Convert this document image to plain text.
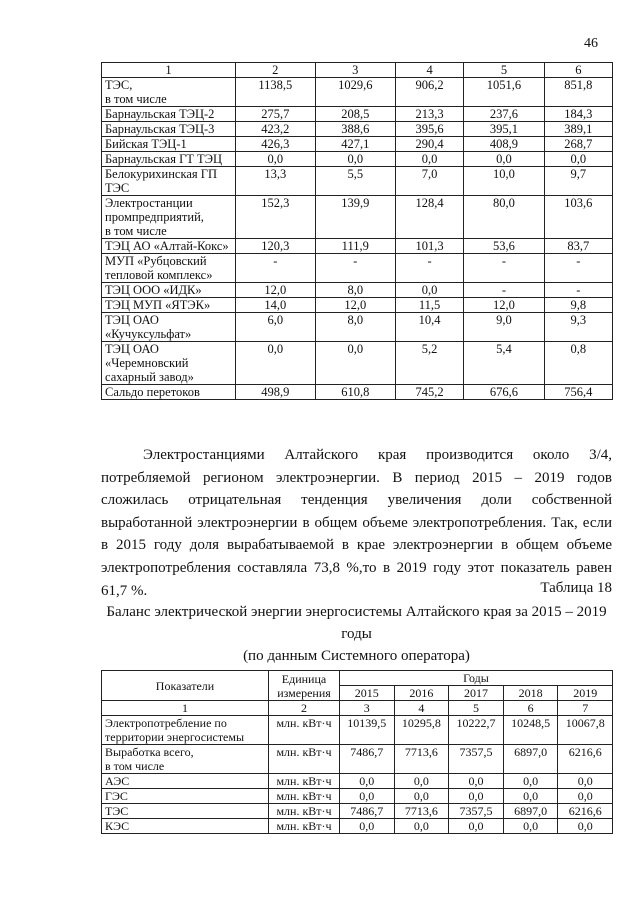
46
1	2	3	4	5	6
ТЭС,
в том числе	1138,5	1029,6	906,2	1051,6	851,8
Барнаульская ТЭЦ-2	275,7	208,5	213,3	237,6	184,3
Барнаульская ТЭЦ-3	423,2	388,6	395,6	395,1	389,1
Бийская ТЭЦ-1	426,3	427,1	290,4	408,9	268,7
Барнаульская ГТ ТЭЦ	0,0	0,0	0,0	0,0	0,0
Белокурихинская ГП ТЭС	13,3	5,5	7,0	10,0	9,7
Электростанции промпредприятий,
в том числе	152,3	139,9	128,4	80,0	103,6
ТЭЦ АО «Алтай-Кокс»	120,3	111,9	101,3	53,6	83,7
МУП «Рубцовский тепловой комплекс»	-	-	-	-	-
ТЭЦ ООО «ИДК»	12,0	8,0	0,0	-	-
ТЭЦ МУП «ЯТЭК»	14,0	12,0	11,5	12,0	9,8
ТЭЦ ОАО «Кучуксульфат»	6,0	8,0	10,4	9,0	9,3
ТЭЦ ОАО «Черемновский сахарный завод»	0,0	0,0	5,2	5,4	0,8
Сальдо перетоков	498,9	610,8	745,2	676,6	756,4

Электростанциями Алтайского края производится около 3/4, потребляемой регионом электроэнергии. В период 2015 – 2019 годов сложилась отрицательная тенденция увеличения доли собственной выработанной электроэнергии в общем объеме электропотребления. Так, если в 2015 году доля вырабатываемой в крае электроэнергии в общем объеме электропотребления составляла 73,8 %,то в 2019 году этот показатель равен 61,7 %.	Таблица 18
Баланс электрической энергии энергосистемы Алтайского края за 2015 – 2019 годы
(по данным Системного оператора)
Показатели	Единица измерения	Годы				
		2015	2016	2017	2018	2019
1	2	3	4	5	6	7
Электропотребление по территории энергосистемы	млн. кВт·ч	10139,5	10295,8	10222,7	10248,5	10067,8
Выработка всего,
в том числе	млн. кВт·ч	7486,7	7713,6	7357,5	6897,0	6216,6
АЭС	млн. кВт·ч	0,0	0,0	0,0	0,0	0,0
ГЭС	млн. кВт·ч	0,0	0,0	0,0	0,0	0,0
ТЭС	млн. кВт·ч	7486,7	7713,6	7357,5	6897,0	6216,6
КЭС	млн. кВт·ч	0,0	0,0	0,0	0,0	0,0
